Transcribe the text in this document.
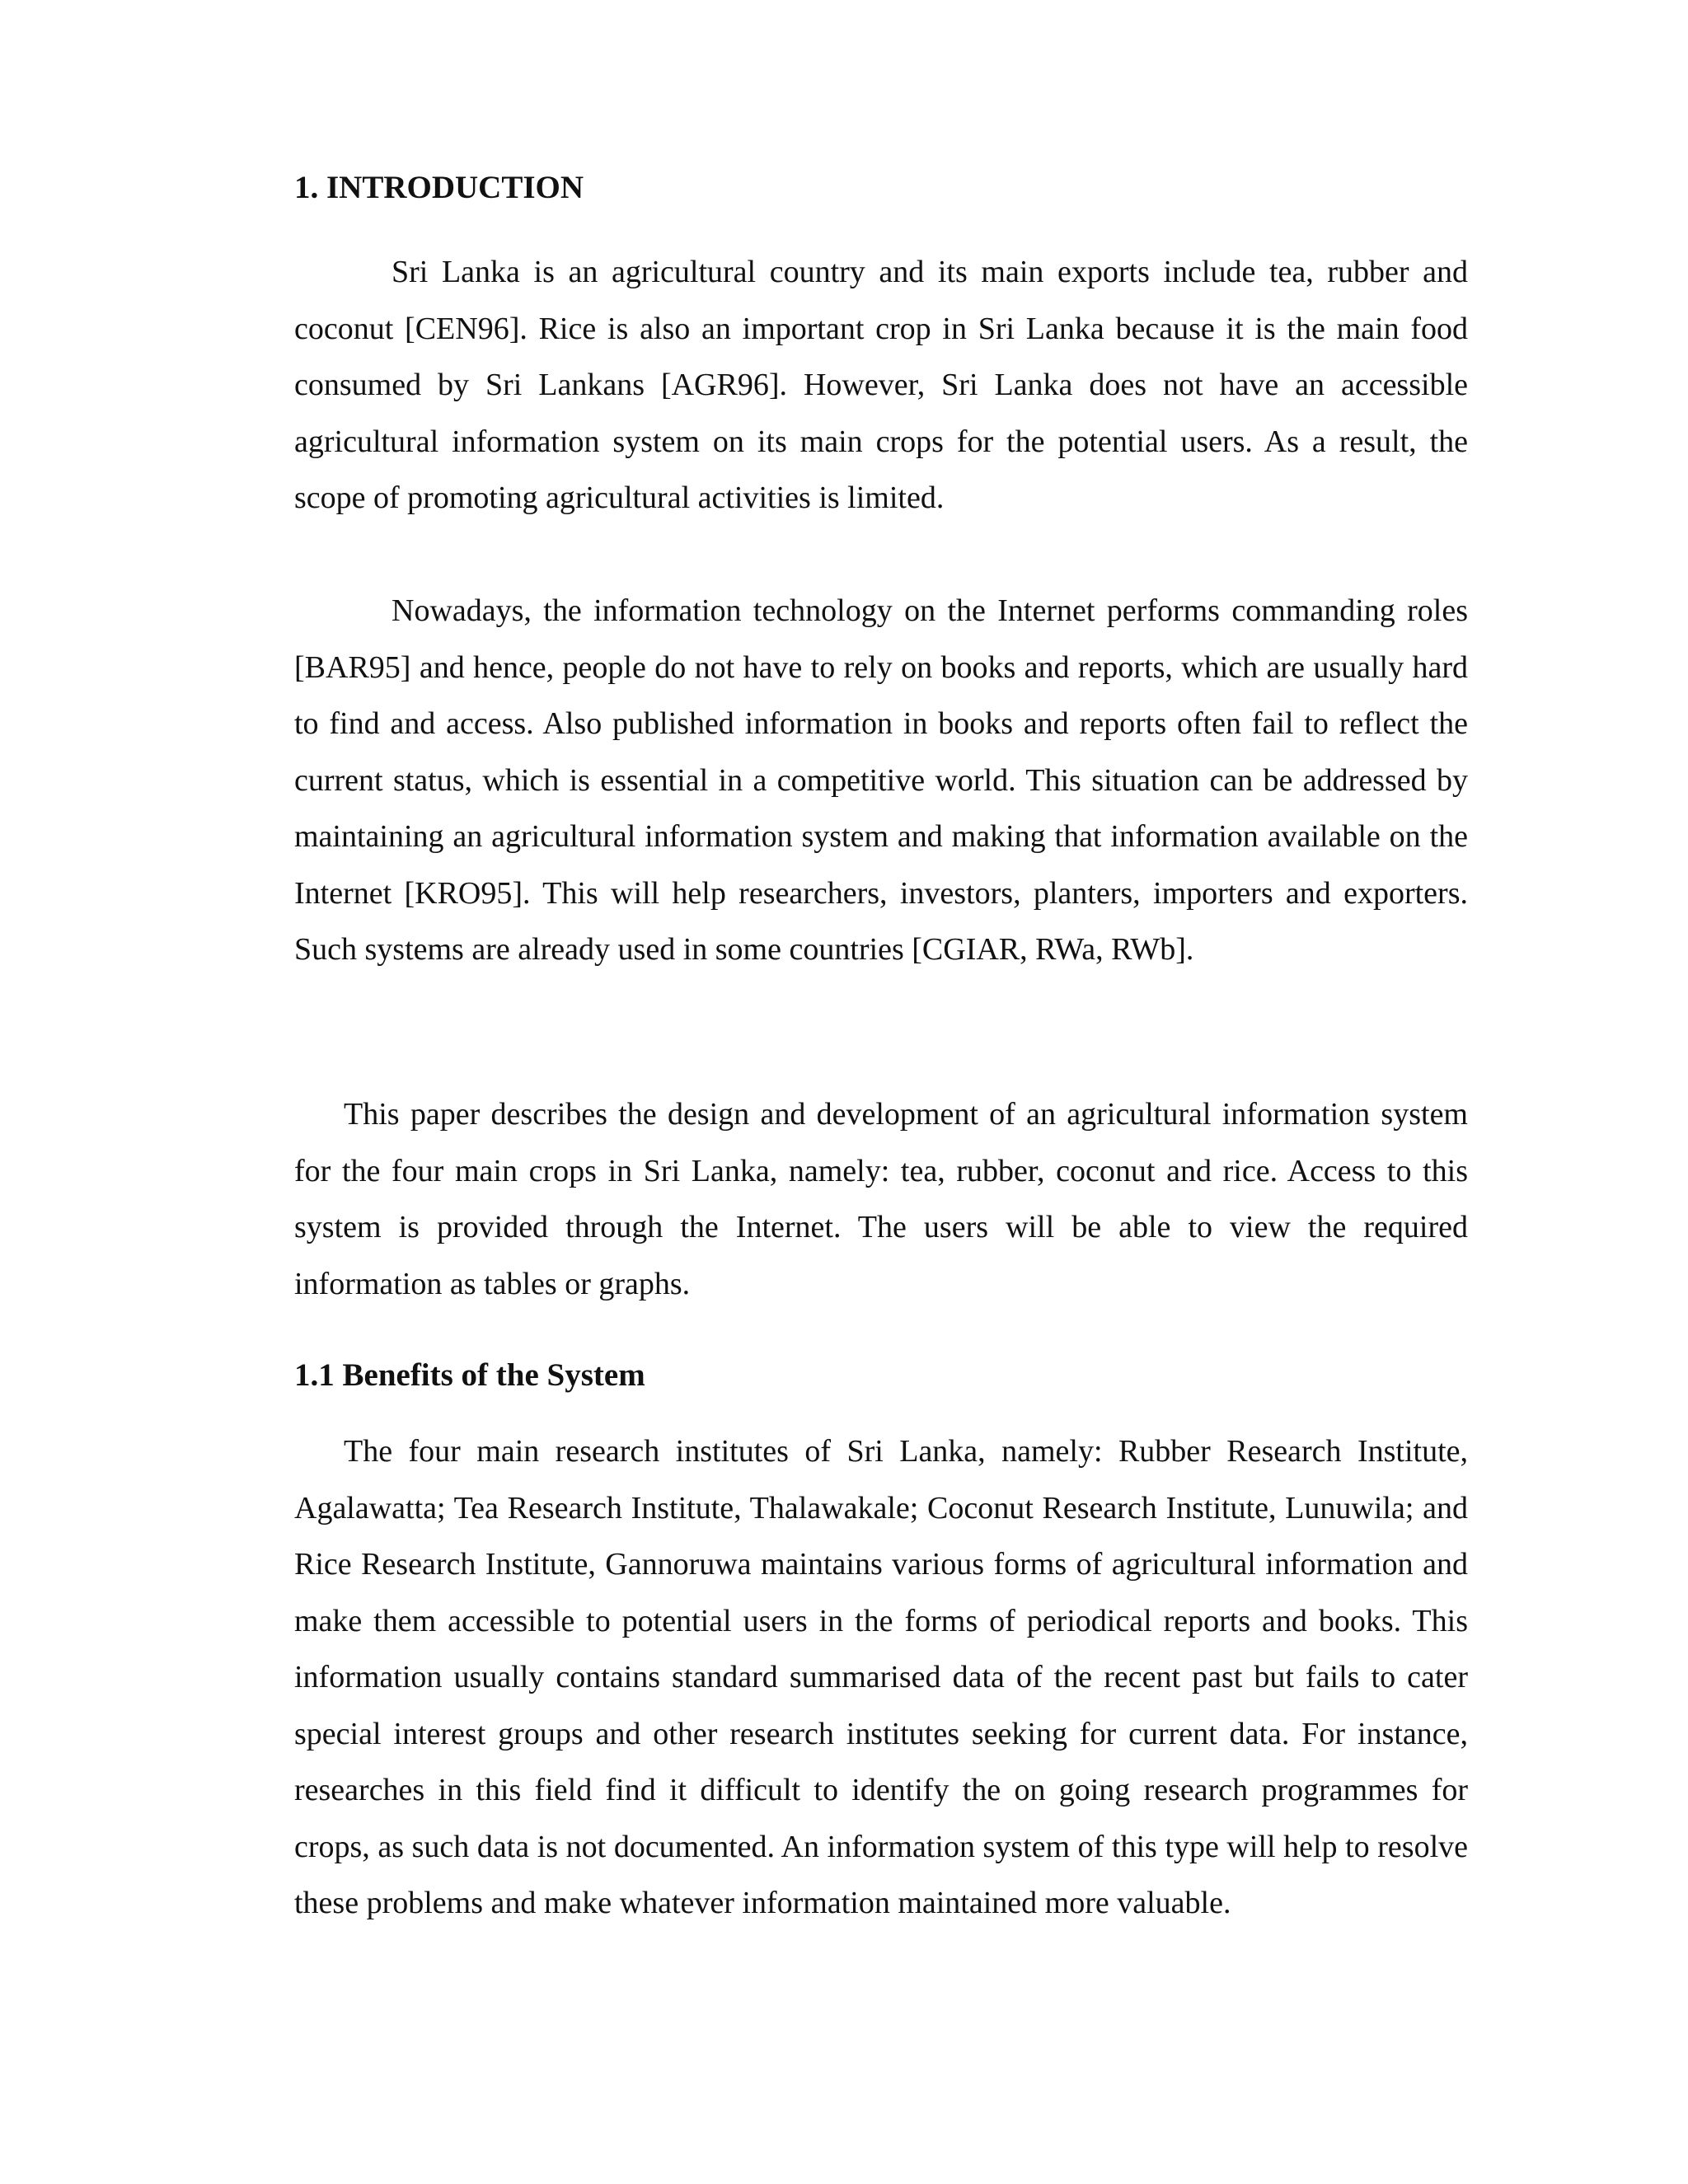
1. INTRODUCTION

Sri Lanka is an agricultural country and its main exports include tea, rubber and coconut [CEN96]. Rice is also an important crop in Sri Lanka because it is the main food consumed by Sri Lankans [AGR96]. However, Sri Lanka does not have an accessible agricultural information system on its main crops for the potential users. As a result, the scope of promoting agricultural activities is limited.

Nowadays, the information technology on the Internet performs commanding roles [BAR95] and hence, people do not have to rely on books and reports, which are usually hard to find and access. Also published information in books and reports often fail to reflect the current status, which is essential in a competitive world. This situation can be addressed by maintaining an agricultural information system and making that information available on the Internet [KRO95]. This will help researchers, investors, planters, importers and exporters. Such systems are already used in some countries [CGIAR, RWa, RWb].

This paper describes the design and development of an agricultural information system for the four main crops in Sri Lanka, namely: tea, rubber, coconut and rice. Access to this system is provided through the Internet. The users will be able to view the required information as tables or graphs.

1.1 Benefits of the System

The four main research institutes of Sri Lanka, namely: Rubber Research Institute, Agalawatta; Tea Research Institute, Thalawakale; Coconut Research Institute, Lunuwila; and Rice Research Institute, Gannoruwa maintains various forms of agricultural information and make them accessible to potential users in the forms of periodical reports and books. This information usually contains standard summarised data of the recent past but fails to cater special interest groups and other research institutes seeking for current data. For instance, researches in this field find it difficult to identify the on going research programmes for crops, as such data is not documented. An information system of this type will help to resolve these problems and make whatever information maintained more valuable.
